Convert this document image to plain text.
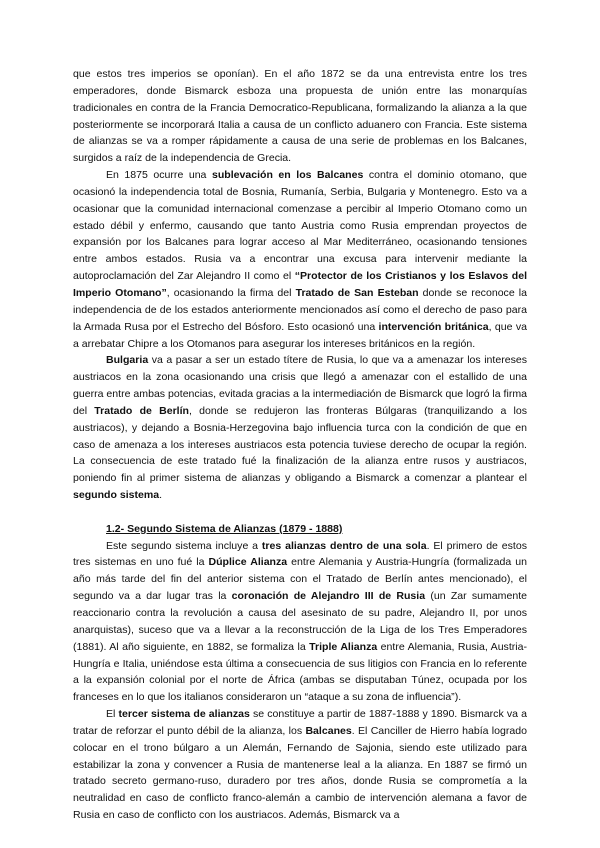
que estos tres imperios se oponían). En el año 1872 se da una entrevista entre los tres emperadores, donde Bismarck esboza una propuesta de unión entre las monarquías tradicionales en contra de la Francia Democratico-Republicana, formalizando la alianza a la que posteriormente se incorporará Italia a causa de un conflicto aduanero con Francia. Este sistema de alianzas se va a romper rápidamente a causa de una serie de problemas en los Balcanes, surgidos a raíz de la independencia de Grecia.

En 1875 ocurre una sublevación en los Balcanes contra el dominio otomano, que ocasionó la independencia total de Bosnia, Rumanía, Serbia, Bulgaria y Montenegro. Esto va a ocasionar que la comunidad internacional comenzase a percibir al Imperio Otomano como un estado débil y enfermo, causando que tanto Austria como Rusia emprendan proyectos de expansión por los Balcanes para lograr acceso al Mar Mediterráneo, ocasionando tensiones entre ambos estados. Rusia va a encontrar una excusa para intervenir mediante la autoproclamación del Zar Alejandro II como el “Protector de los Cristianos y los Eslavos del Imperio Otomano”, ocasionando la firma del Tratado de San Esteban donde se reconoce la independencia de de los estados anteriormente mencionados así como el derecho de paso para la Armada Rusa por el Estrecho del Bósforo. Esto ocasionó una intervención británica, que va a arrebatar Chipre a los Otomanos para asegurar los intereses británicos en la región.

Bulgaria va a pasar a ser un estado títere de Rusia, lo que va a amenazar los intereses austriacos en la zona ocasionando una crisis que llegó a amenazar con el estallido de una guerra entre ambas potencias, evitada gracias a la intermediación de Bismarck que logró la firma del Tratado de Berlín, donde se redujeron las fronteras Búlgaras (tranquilizando a los austriacos), y dejando a Bosnia-Herzegovina bajo influencia turca con la condición de que en caso de amenaza a los intereses austriacos esta potencia tuviese derecho de ocupar la región. La consecuencia de este tratado fué la finalización de la alianza entre rusos y austriacos, poniendo fin al primer sistema de alianzas y obligando a Bismarck a comenzar a plantear el segundo sistema.

1.2- Segundo Sistema de Alianzas (1879 - 1888)

Este segundo sistema incluye a tres alianzas dentro de una sola. El primero de estos tres sistemas en uno fué la Dúplice Alianza entre Alemania y Austria-Hungría (formalizada un año más tarde del fin del anterior sistema con el Tratado de Berlín antes mencionado), el segundo va a dar lugar tras la coronación de Alejandro III de Rusia (un Zar sumamente reaccionario contra la revolución a causa del asesinato de su padre, Alejandro II, por unos anarquistas), suceso que va a llevar a la reconstrucción de la Liga de los Tres Emperadores (1881). Al año siguiente, en 1882, se formaliza la Triple Alianza entre Alemania, Rusia, Austria-Hungría e Italia, uniéndose esta última a consecuencia de sus litigios con Francia en lo referente a la expansión colonial por el norte de África (ambas se disputaban Túnez, ocupada por los franceses en lo que los italianos consideraron un “ataque a su zona de influencia”).

El tercer sistema de alianzas se constituye a partir de 1887-1888 y 1890. Bismarck va a tratar de reforzar el punto débil de la alianza, los Balcanes. El Canciller de Hierro había logrado colocar en el trono búlgaro a un Alemán, Fernando de Sajonia, siendo este utilizado para estabilizar la zona y convencer a Rusia de mantenerse leal a la alianza. En 1887 se firmó un tratado secreto germano-ruso, duradero por tres años, donde Rusia se comprometía a la neutralidad en caso de conflicto franco-alemán a cambio de intervención alemana a favor de Rusia en caso de conflicto con los austriacos. Además, Bismarck va a
